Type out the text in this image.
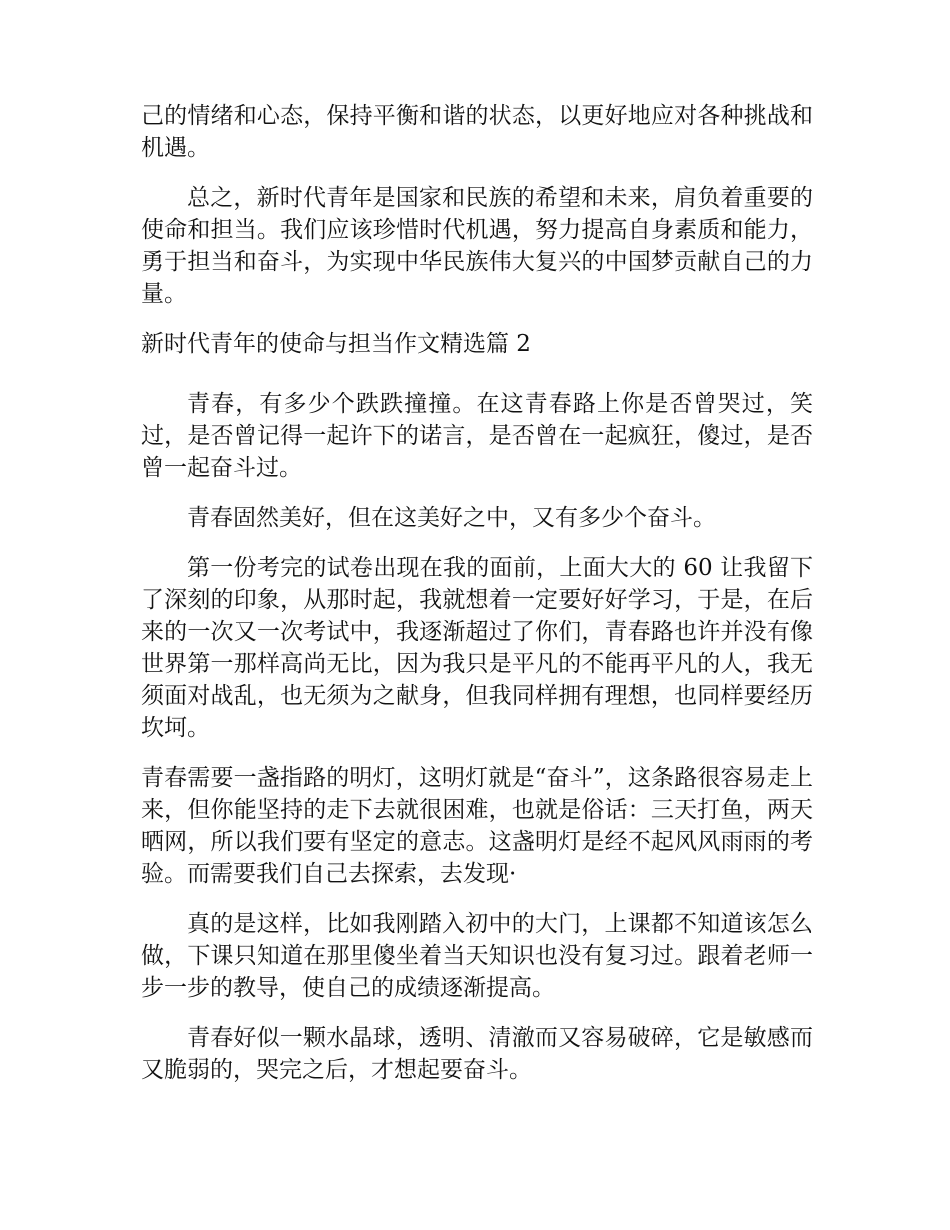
己的情绪和心态，保持平衡和谐的状态，以更好地应对各种挑战和机遇。

总之，新时代青年是国家和民族的希望和未来，肩负着重要的使命和担当。我们应该珍惜时代机遇，努力提高自身素质和能力，勇于担当和奋斗，为实现中华民族伟大复兴的中国梦贡献自己的力量。

新时代青年的使命与担当作文精选篇 2

青春，有多少个跌跌撞撞。在这青春路上你是否曾哭过，笑过，是否曾记得一起许下的诺言，是否曾在一起疯狂，傻过，是否曾一起奋斗过。

青春固然美好，但在这美好之中，又有多少个奋斗。

第一份考完的试卷出现在我的面前，上面大大的 60 让我留下了深刻的印象，从那时起，我就想着一定要好好学习，于是，在后来的一次又一次考试中，我逐渐超过了你们，青春路也许并没有像世界第一那样高尚无比，因为我只是平凡的不能再平凡的人，我无须面对战乱，也无须为之献身，但我同样拥有理想，也同样要经历坎坷。

青春需要一盏指路的明灯，这明灯就是“奋斗”，这条路很容易走上来，但你能坚持的走下去就很困难，也就是俗话：三天打鱼，两天晒网，所以我们要有坚定的意志。这盏明灯是经不起风风雨雨的考验。而需要我们自己去探索，去发现·

真的是这样，比如我刚踏入初中的大门，上课都不知道该怎么做，下课只知道在那里傻坐着当天知识也没有复习过。跟着老师一步一步的教导，使自己的成绩逐渐提高。

青春好似一颗水晶球，透明、清澈而又容易破碎，它是敏感而又脆弱的，哭完之后，才想起要奋斗。
